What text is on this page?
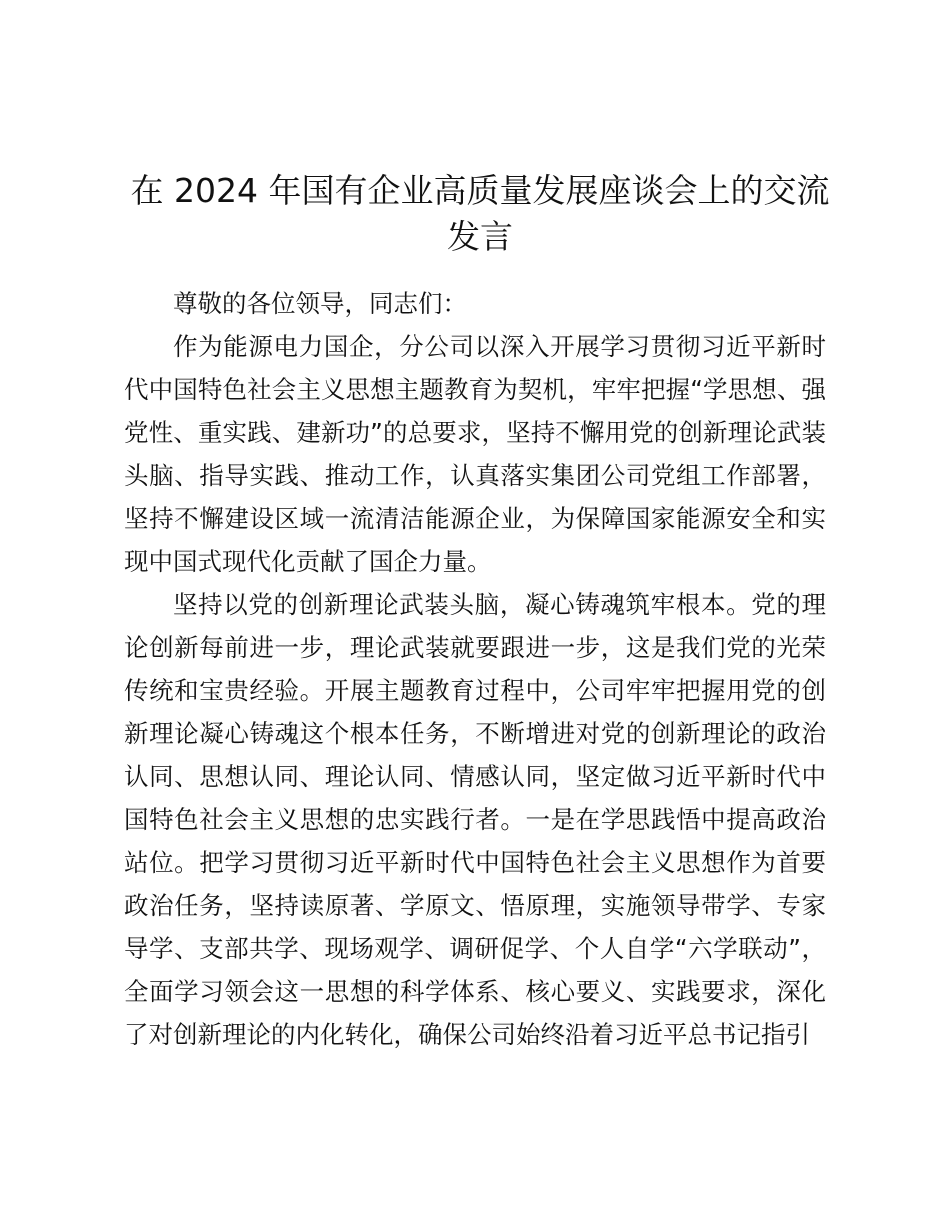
在 2024 年国有企业高质量发展座谈会上的交流发言

尊敬的各位领导，同志们：

作为能源电力国企，分公司以深入开展学习贯彻习近平新时代中国特色社会主义思想主题教育为契机，牢牢把握“学思想、强党性、重实践、建新功”的总要求，坚持不懈用党的创新理论武装头脑、指导实践、推动工作，认真落实集团公司党组工作部署，坚持不懈建设区域一流清洁能源企业，为保障国家能源安全和实现中国式现代化贡献了国企力量。

坚持以党的创新理论武装头脑，凝心铸魂筑牢根本。党的理论创新每前进一步，理论武装就要跟进一步，这是我们党的光荣传统和宝贵经验。开展主题教育过程中，公司牢牢把握用党的创新理论凝心铸魂这个根本任务，不断增进对党的创新理论的政治认同、思想认同、理论认同、情感认同，坚定做习近平新时代中国特色社会主义思想的忠实践行者。一是在学思践悟中提高政治站位。把学习贯彻习近平新时代中国特色社会主义思想作为首要政治任务，坚持读原著、学原文、悟原理，实施领导带学、专家导学、支部共学、现场观学、调研促学、个人自学“六学联动”，全面学习领会这一思想的科学体系、核心要义、实践要求，深化了对创新理论的内化转化，确保公司始终沿着习近平总书记指引
